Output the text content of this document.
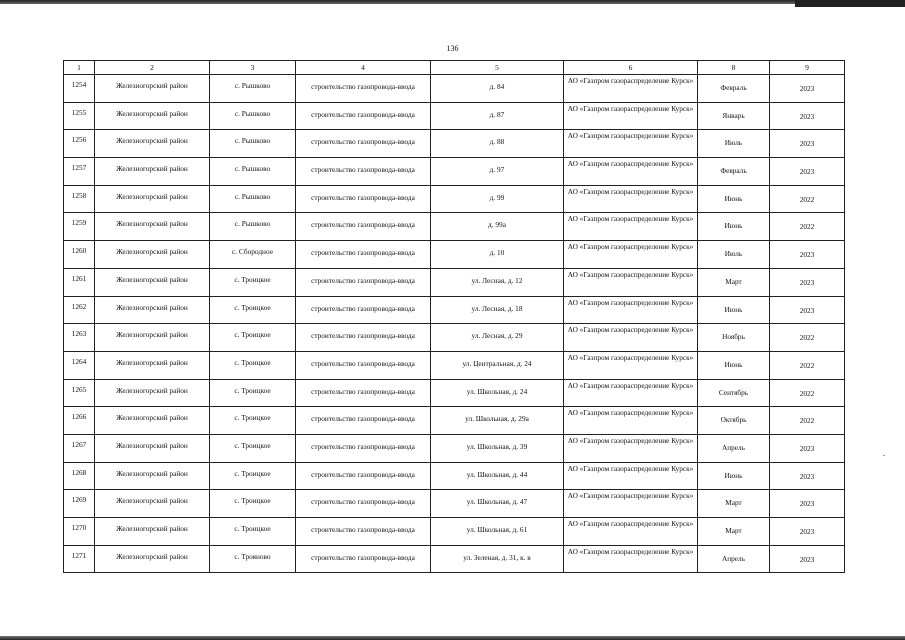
136
1	2	3	4	5	6	8	9
1254	Железногорский район	с. Рышково	строительство газопровода-ввода	д. 84	АО «Газпром газораспределение Курск»	Февраль	2023
1255	Железногорский район	с. Рышково	строительство газопровода-ввода	д. 87	АО «Газпром газораспределение Курск»	Январь	2023
1256	Железногорский район	с. Рышково	строительство газопровода-ввода	д. 88	АО «Газпром газораспределение Курск»	Июль	2023
1257	Железногорский район	с. Рышково	строительство газопровода-ввода	д. 97	АО «Газпром газораспределение Курск»	Февраль	2023
1258	Железногорский район	с. Рышково	строительство газопровода-ввода	д. 99	АО «Газпром газораспределение Курск»	Июнь	2022
1259	Железногорский район	с. Рышково	строительство газопровода-ввода	д. 99а	АО «Газпром газораспределение Курск»	Июнь	2022
1260	Железногорский район	с. Сбородное	строительство газопровода-ввода	д. 10	АО «Газпром газораспределение Курск»	Июль	2023
1261	Железногорский район	с. Троицкое	строительство газопровода-ввода	ул. Лесная, д. 12	АО «Газпром газораспределение Курск»	Март	2023
1262	Железногорский район	с. Троицкое	строительство газопровода-ввода	ул. Лесная, д. 18	АО «Газпром газораспределение Курск»	Июнь	2023
1263	Железногорский район	с. Троицкое	строительство газопровода-ввода	ул. Лесная, д. 29	АО «Газпром газораспределение Курск»	Ноябрь	2022
1264	Железногорский район	с. Троицкое	строительство газопровода-ввода	ул. Центральная, д. 24	АО «Газпром газораспределение Курск»	Июнь	2022
1265	Железногорский район	с. Троицкое	строительство газопровода-ввода	ул. Школьная, д. 24	АО «Газпром газораспределение Курск»	Сентябрь	2022
1266	Железногорский район	с. Троицкое	строительство газопровода-ввода	ул. Школьная, д. 29а	АО «Газпром газораспределение Курск»	Октябрь	2022
1267	Железногорский район	с. Троицкое	строительство газопровода-ввода	ул. Школьная, д. 39	АО «Газпром газораспределение Курск»	Апрель	2023
1268	Железногорский район	с. Троицкое	строительство газопровода-ввода	ул. Школьная, д. 44	АО «Газпром газораспределение Курск»	Июнь	2023
1269	Железногорский район	с. Троицкое	строительство газопровода-ввода	ул. Школьная, д. 47	АО «Газпром газораспределение Курск»	Март	2023
1270	Железногорский район	с. Троицкое	строительство газопровода-ввода	ул. Школьная, д. 61	АО «Газпром газораспределение Курск»	Март	2023
1271	Железногорский район	с. Трояново	строительство газопровода-ввода	ул. Зеленая, д. 31, к. в	АО «Газпром газораспределение Курск»	Апрель	2023
